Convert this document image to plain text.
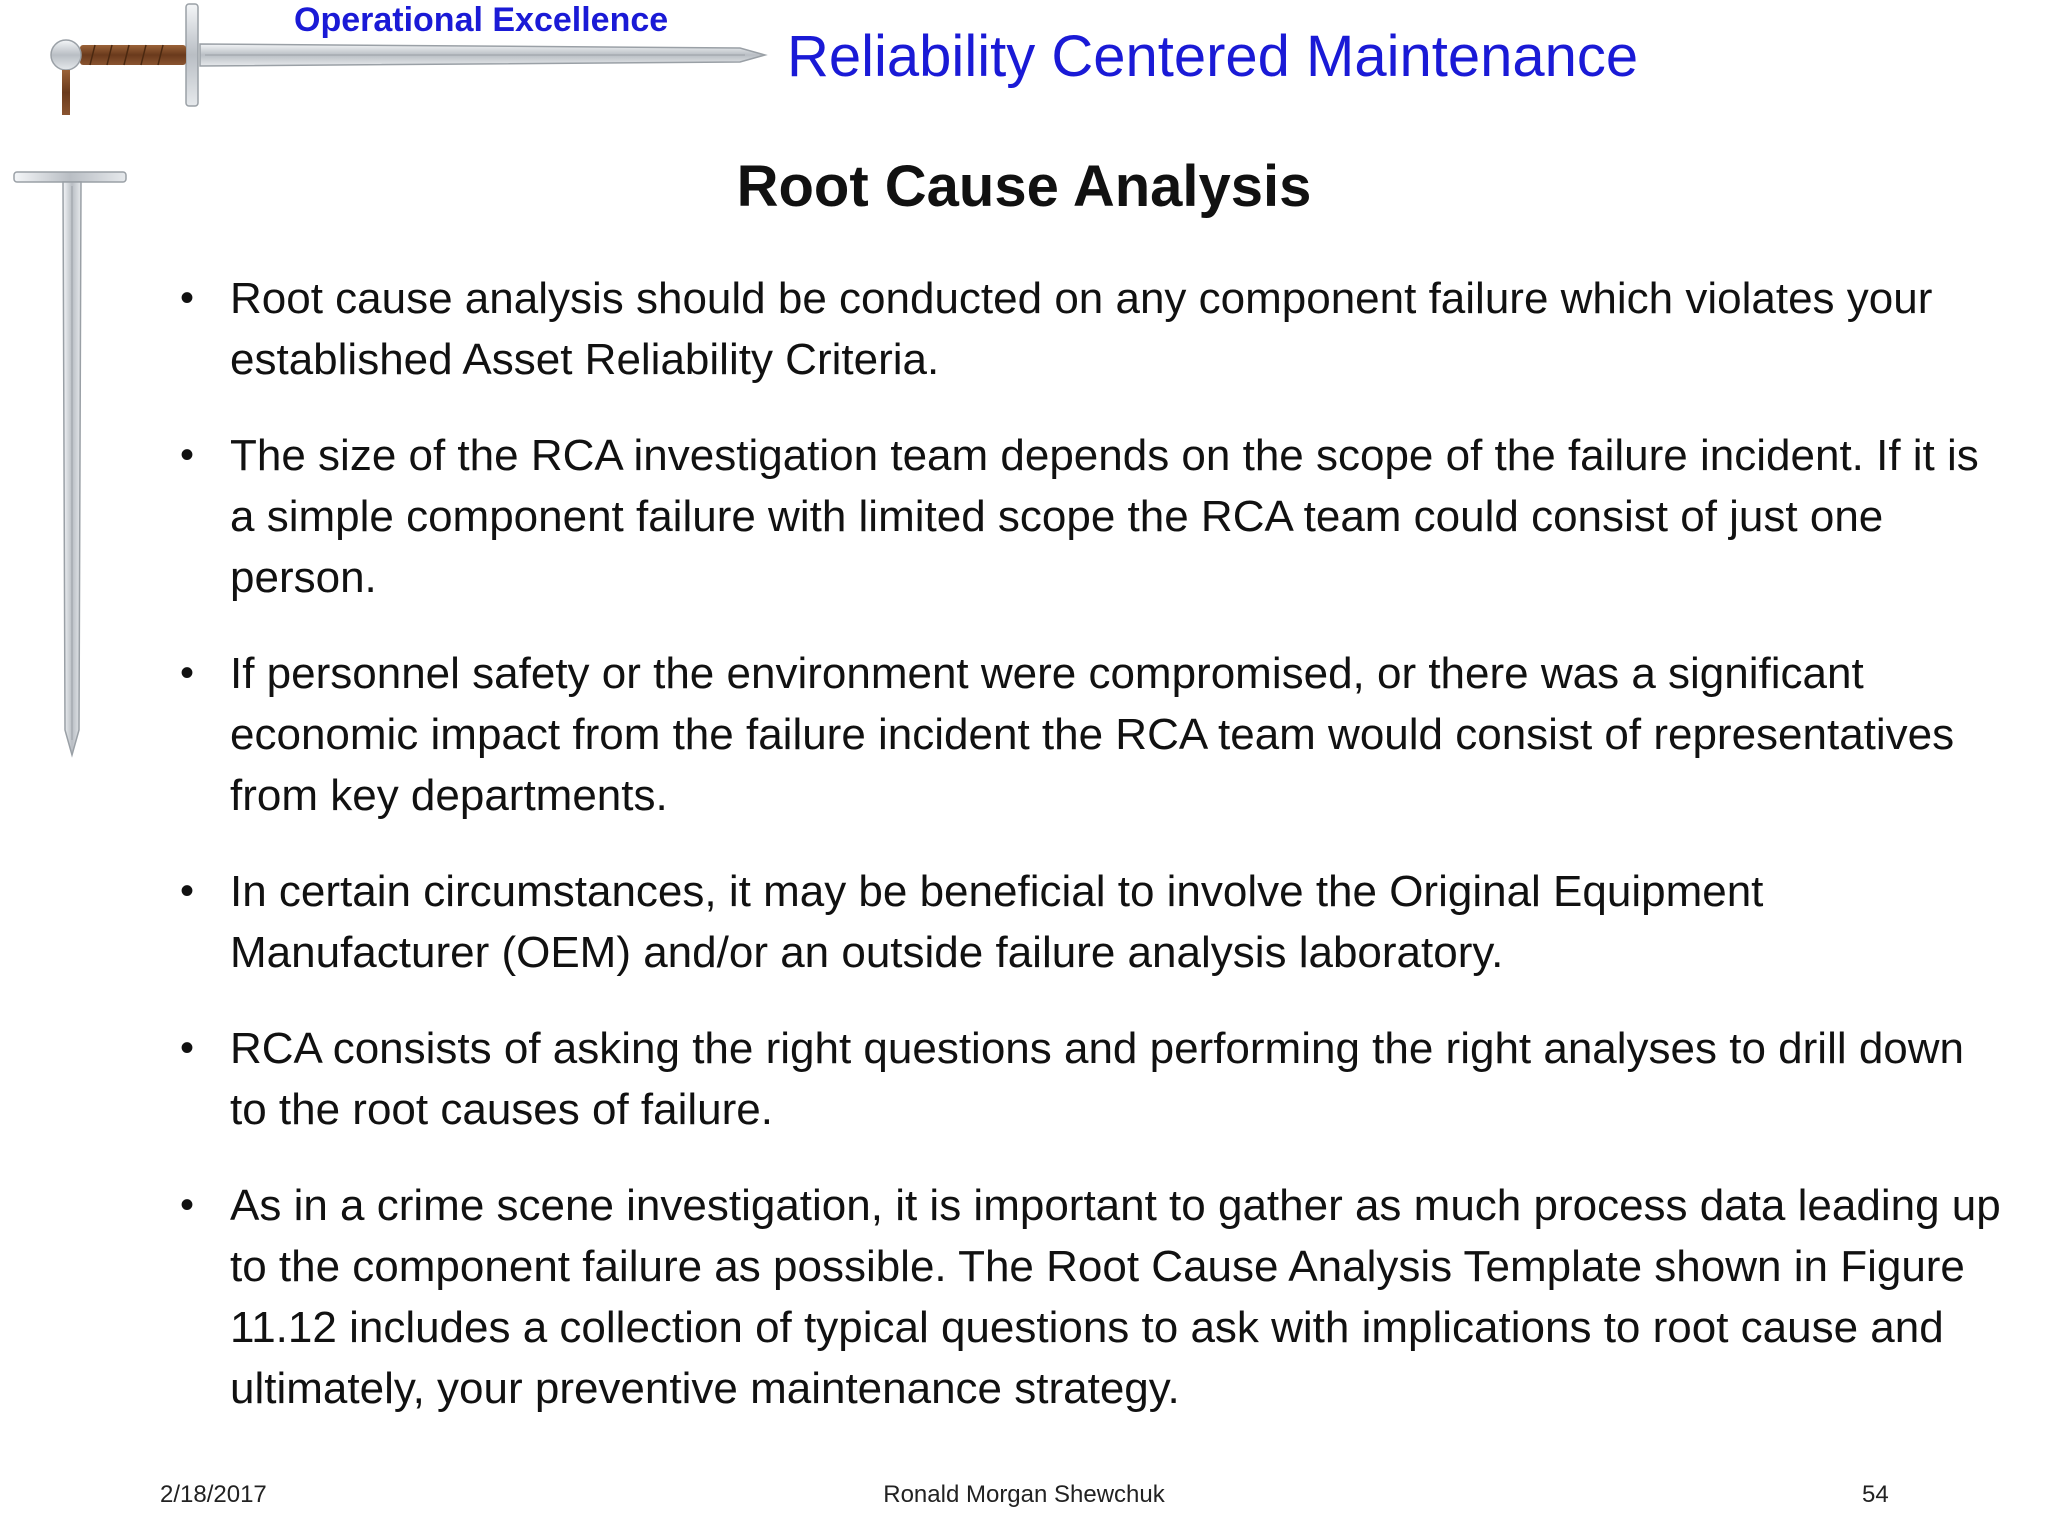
Operational Excellence
Reliability Centered Maintenance
Root Cause Analysis
• Root cause analysis should be conducted on any component failure which violates your established Asset Reliability Criteria.
• The size of the RCA investigation team depends on the scope of the failure incident. If it is a simple component failure with limited scope the RCA team could consist of just one person.
• If personnel safety or the environment were compromised, or there was a significant economic impact from the failure incident the RCA team would consist of representatives from key departments.
• In certain circumstances, it may be beneficial to involve the Original Equipment Manufacturer (OEM) and/or an outside failure analysis laboratory.
• RCA consists of asking the right questions and performing the right analyses to drill down to the root causes of failure.
• As in a crime scene investigation, it is important to gather as much process data leading up to the component failure as possible. The Root Cause Analysis Template shown in Figure 11.12 includes a collection of typical questions to ask with implications to root cause and ultimately, your preventive maintenance strategy.
2/18/2017	Ronald Morgan Shewchuk	54
